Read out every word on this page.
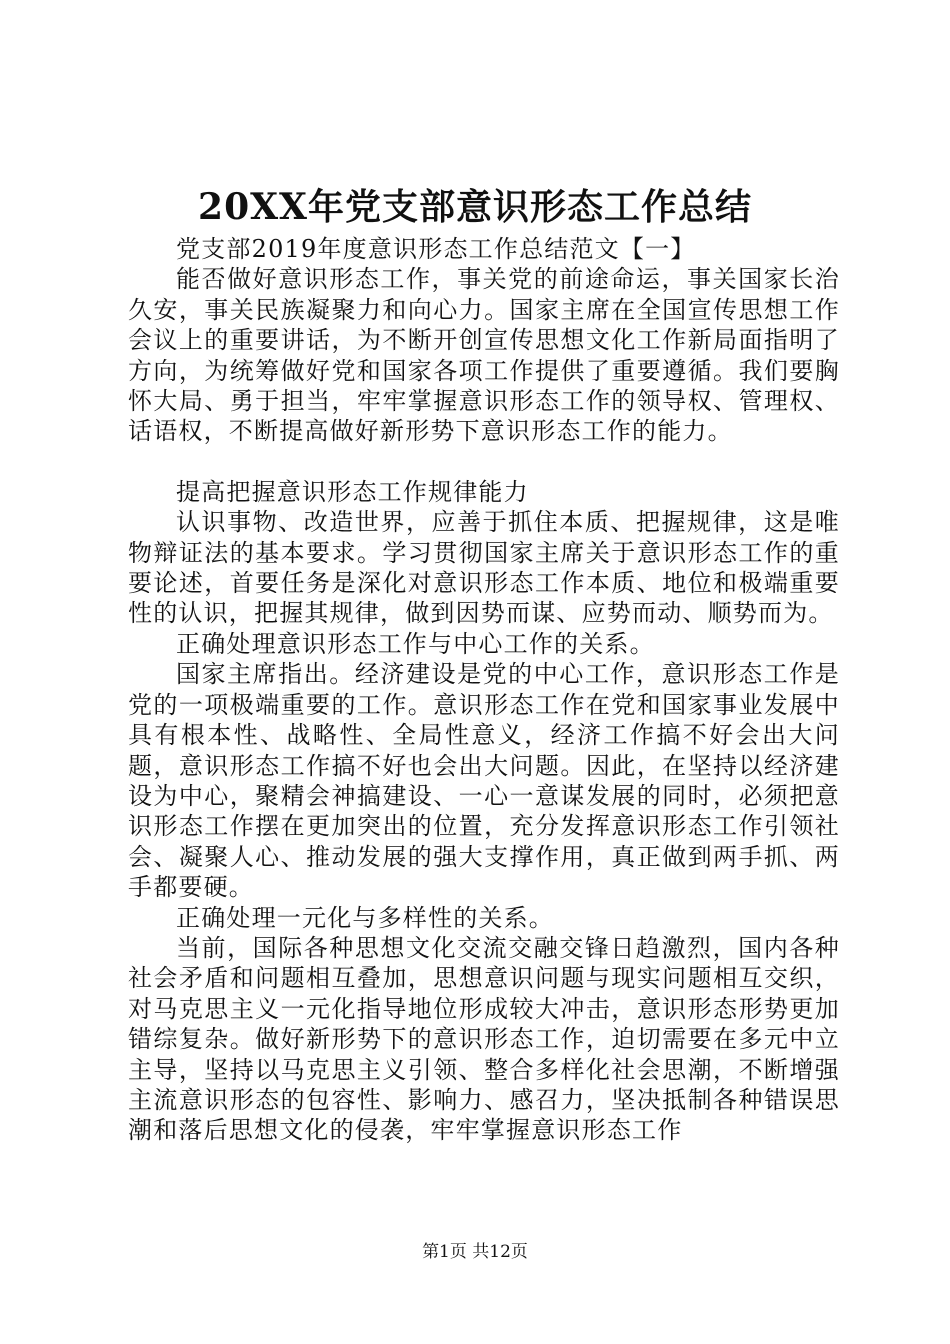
20XX年党支部意识形态工作总结

党支部2019年度意识形态工作总结范文【一】

能否做好意识形态工作，事关党的前途命运，事关国家长治久安，事关民族凝聚力和向心力。国家主席在全国宣传思想工作会议上的重要讲话，为不断开创宣传思想文化工作新局面指明了方向，为统筹做好党和国家各项工作提供了重要遵循。我们要胸怀大局、勇于担当，牢牢掌握意识形态工作的领导权、管理权、话语权，不断提高做好新形势下意识形态工作的能力。

提高把握意识形态工作规律能力

认识事物、改造世界，应善于抓住本质、把握规律，这是唯物辩证法的基本要求。学习贯彻国家主席关于意识形态工作的重要论述，首要任务是深化对意识形态工作本质、地位和极端重要性的认识，把握其规律，做到因势而谋、应势而动、顺势而为。

正确处理意识形态工作与中心工作的关系。

国家主席指出。经济建设是党的中心工作，意识形态工作是党的一项极端重要的工作。意识形态工作在党和国家事业发展中具有根本性、战略性、全局性意义，经济工作搞不好会出大问题，意识形态工作搞不好也会出大问题。因此，在坚持以经济建设为中心，聚精会神搞建设、一心一意谋发展的同时，必须把意识形态工作摆在更加突出的位置，充分发挥意识形态工作引领社会、凝聚人心、推动发展的强大支撑作用，真正做到两手抓、两手都要硬。

正确处理一元化与多样性的关系。

当前，国际各种思想文化交流交融交锋日趋激烈，国内各种社会矛盾和问题相互叠加，思想意识问题与现实问题相互交织，对马克思主义一元化指导地位形成较大冲击，意识形态形势更加错综复杂。做好新形势下的意识形态工作，迫切需要在多元中立主导，坚持以马克思主义引领、整合多样化社会思潮，不断增强主流意识形态的包容性、影响力、感召力，坚决抵制各种错误思潮和落后思想文化的侵袭，牢牢掌握意识形态工作

第1页 共12页
